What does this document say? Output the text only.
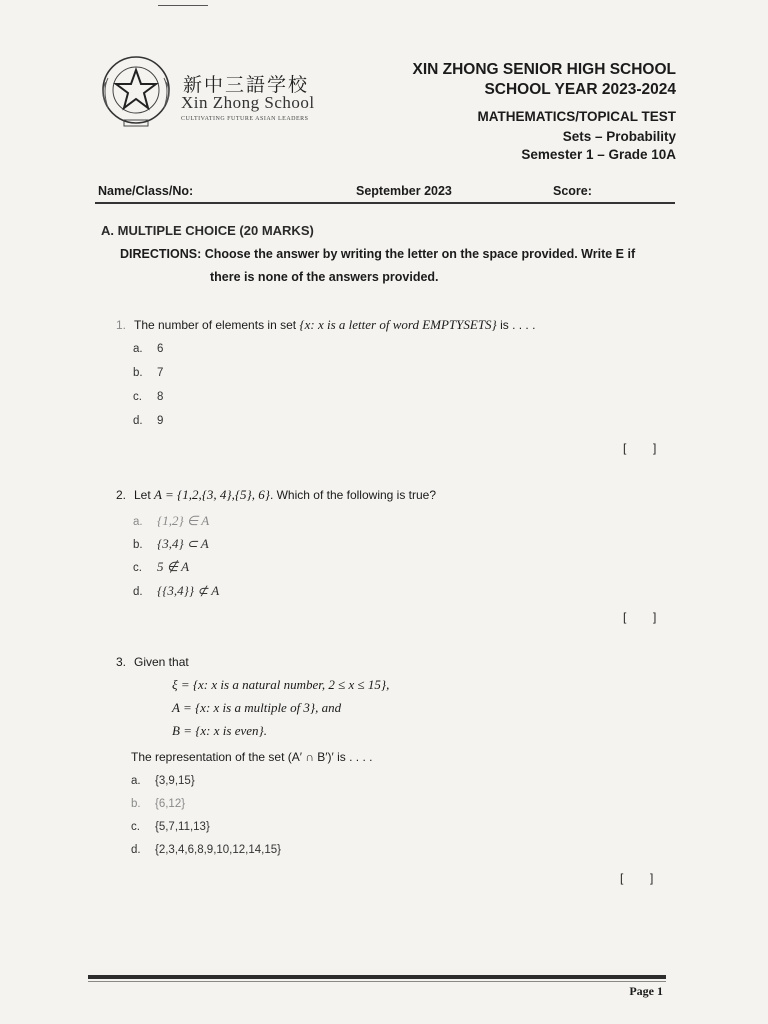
新中三語学校
Xin Zhong School
CULTIVATING FUTURE ASIAN LEADERS
XIN ZHONG SENIOR HIGH SCHOOL
SCHOOL YEAR 2023-2024
MATHEMATICS/TOPICAL TEST
Sets – Probability
Semester 1 – Grade 10A
Name/Class/No:	September 2023	Score:
A. MULTIPLE CHOICE (20 MARKS)
DIRECTIONS: Choose the answer by writing the letter on the space provided. Write E if
there is none of the answers provided.
1. The number of elements in set {x: x is a letter of word EMPTYSETS} is . . . .
a. 6
b. 7
c. 8
d. 9
[        ]
2. Let A = {1,2,{3, 4},{5}, 6}. Which of the following is true?
a. {1,2} ∈ A
b. {3,4} ⊂ A
c. 5 ∉ A
d. {{3,4}} ⊄ A
[        ]
3. Given that
ξ = {x: x is a natural number, 2 ≤ x ≤ 15},
A = {x: x is a multiple of 3}, and
B = {x: x is even}.
The representation of the set (A′ ∩ B′)′ is . . . .
a. {3,9,15}
b. {6,12}
c. {5,7,11,13}
d. {2,3,4,6,8,9,10,12,14,15}
[        ]
Page 1
